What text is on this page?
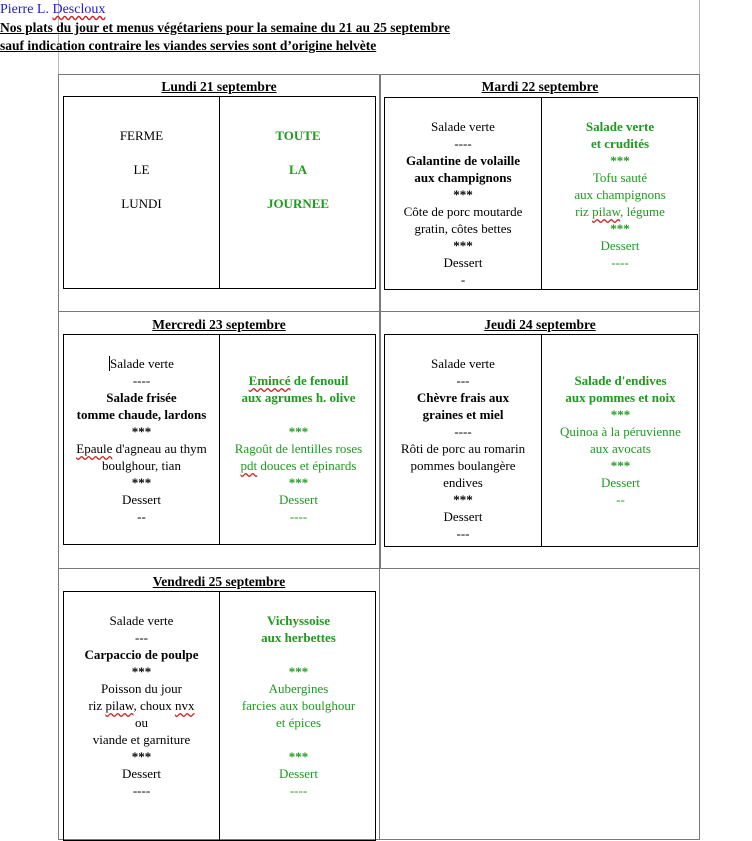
Pierre L. Descloux
Nos plats du jour et menus végétariens pour la semaine du 21 au 25 septembre
sauf indication contraire les viandes servies sont d’origine helvète
Lundi 21 septembre
FERME
LE
LUNDI
TOUTE
LA
JOURNEE
Mardi 22 septembre
Salade verte
----
Galantine de volaille
aux champignons
***
Côte de porc moutarde
gratin, côtes bettes
***
Dessert
-
Salade verte
et crudités
***
Tofu sauté
aux champignons
riz pilaw, légume
***
Dessert
----
Mercredi 23 septembre
Salade verte
----
Salade frisée
tomme chaude, lardons
***
Epaule d'agneau au thym
boulghour, tian
***
Dessert
--
Emincé de fenouil
aux agrumes h. olive
***
Ragoût de lentilles roses
pdt douces et épinards
***
Dessert
----
Jeudi 24 septembre
Salade verte
---
Chèvre frais aux
graines et miel
----
Rôti de porc au romarin
pommes boulangère
endives
***
Dessert
---
Salade d'endives
aux pommes et noix
***
Quinoa à la péruvienne
aux avocats
***
Dessert
--
Vendredi 25 septembre
Salade verte
---
Carpaccio de poulpe
***
Poisson du jour
riz pilaw, choux nvx
ou
viande et garniture
***
Dessert
----
Vichyssoise
aux herbettes
***
Aubergines
farcies aux boulghour
et épices
***
Dessert
----
